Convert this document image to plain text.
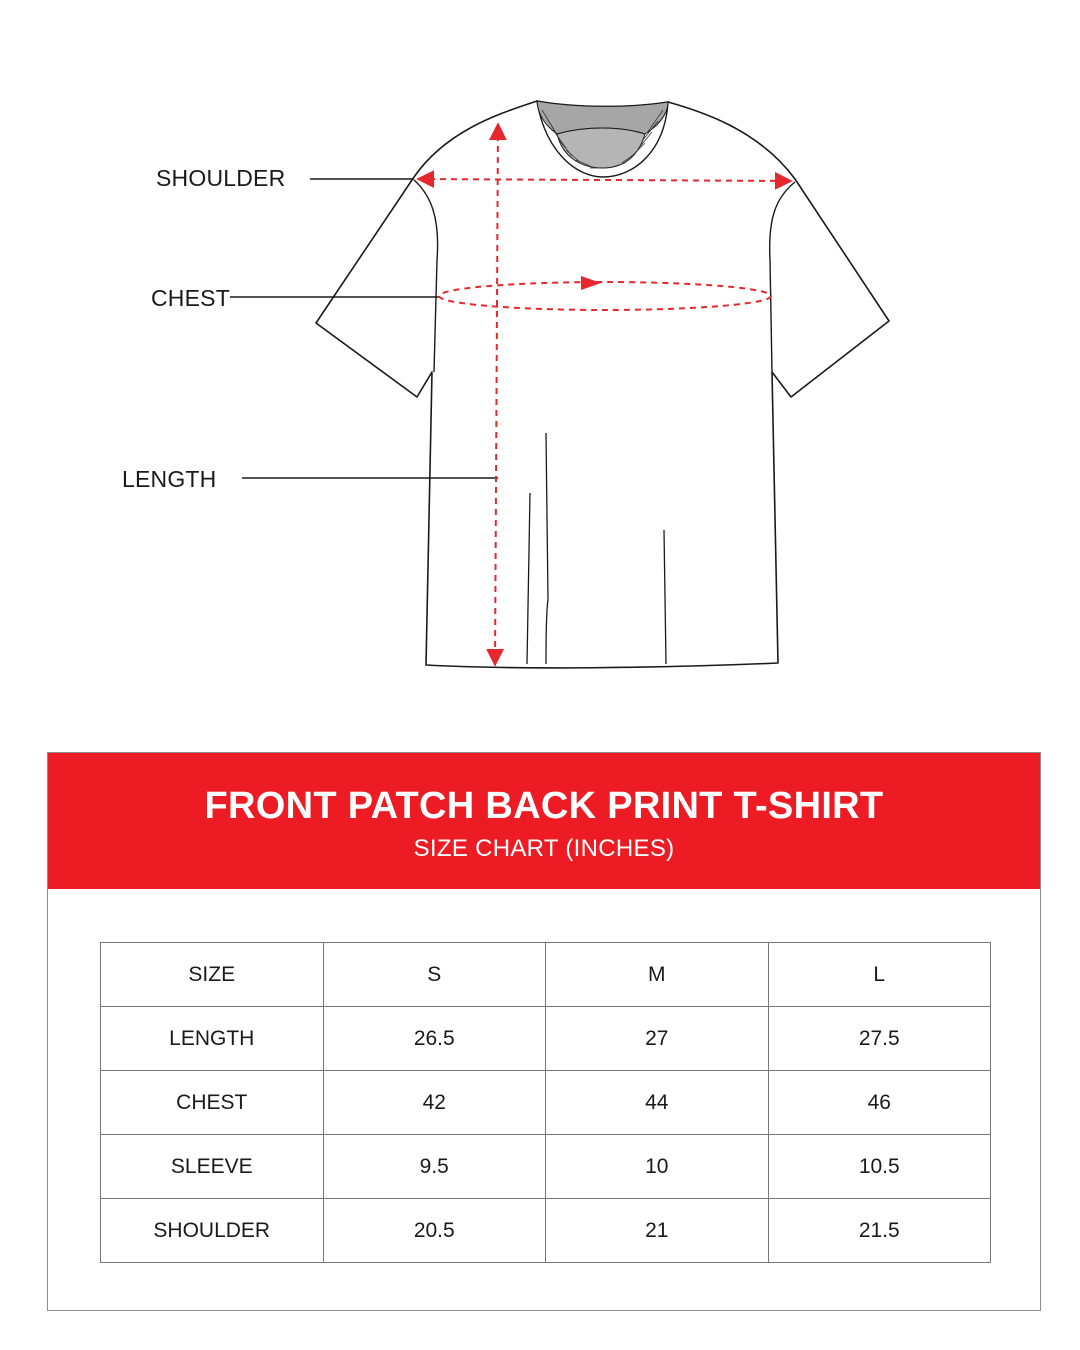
SHOULDER
CHEST
LENGTH
FRONT PATCH BACK PRINT T-SHIRT
SIZE CHART (INCHES)
SIZE	S	M	L
LENGTH	26.5	27	27.5
CHEST	42	44	46
SLEEVE	9.5	10	10.5
SHOULDER	20.5	21	21.5
